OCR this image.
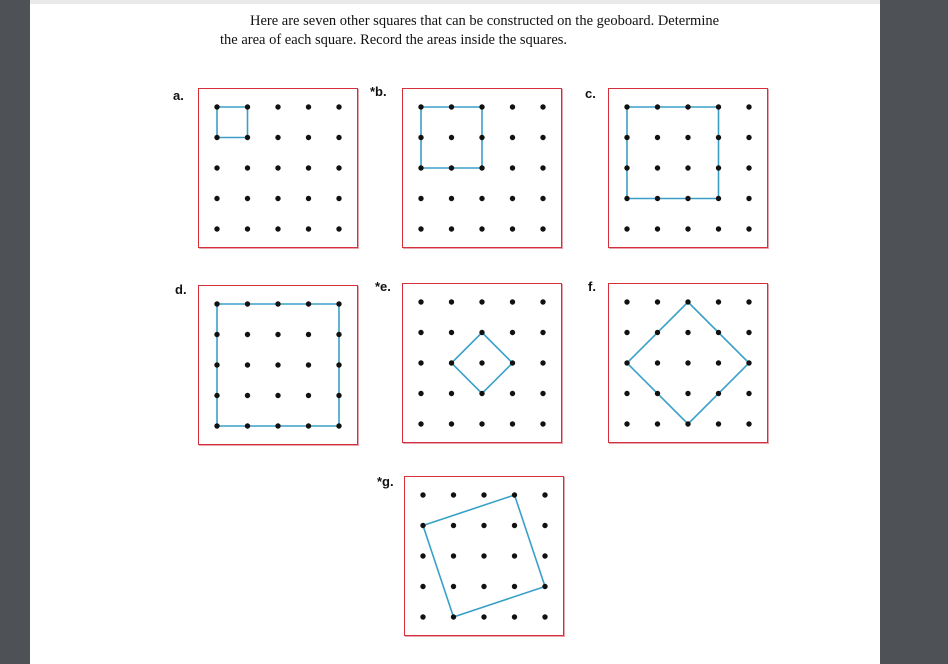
Here are seven other squares that can be constructed on the geoboard. Determine
the area of each square. Record the areas inside the squares.
a.	*b.	c.
d.	*e.	f.
*g.
